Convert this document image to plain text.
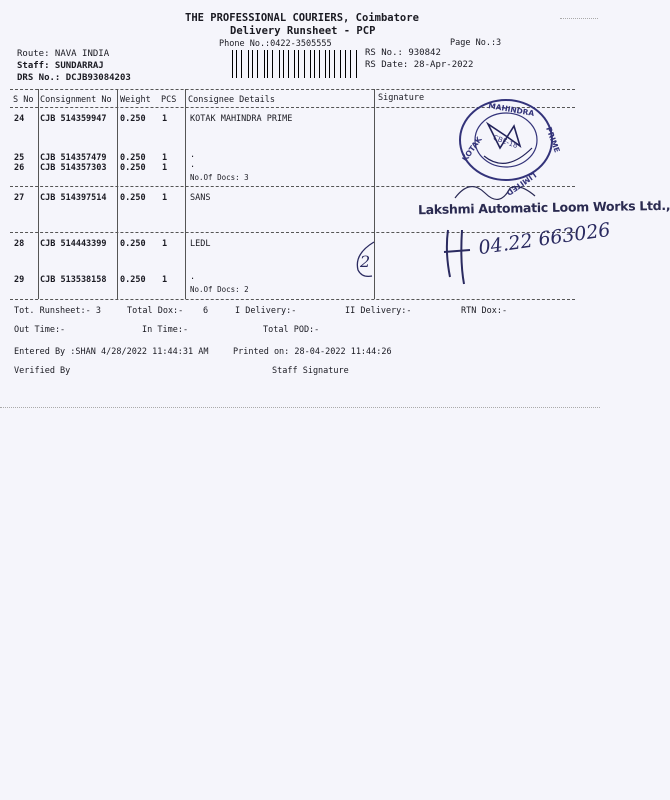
THE PROFESSIONAL COURIERS, Coimbatore
Delivery Runsheet - PCP
Phone No.:0422-3505555	Page No.:3
Route: NAVA INDIA
Staff: SUNDARRAJ
DRS No.: DCJB93084203
RS No.: 930842
RS Date: 28-Apr-2022
S No Consignment No Weight PCS Consignee Details	Signature
24 CJB 514359947 0.250 1	KOTAK MAHINDRA PRIME
25 CJB 514357479 0.250 1	.
26 CJB 514357303 0.250 1	.
No.Of Docs: 3
27 CJB 514397514 0.250 1	SANS
28 CJB 514443399 0.250 1	LEDL
29 CJB 513538158 0.250 1	.
No.Of Docs: 2
CBE-18
KOTAK
MAHINDRA
PRIME
LIMITED
Lakshmi Automatic Loom Works Ltd.,
04.22 663026
2
Tot. Runsheet:- 3	Total Dox:- 6	I Delivery:-	II Delivery:-	RTN Dox:-
Out Time:-	In Time:-	Total POD:-
Entered By :SHAN 4/28/2022 11:44:31 AM	Printed on: 28-04-2022 11:44:26
Verified By	Staff Signature
